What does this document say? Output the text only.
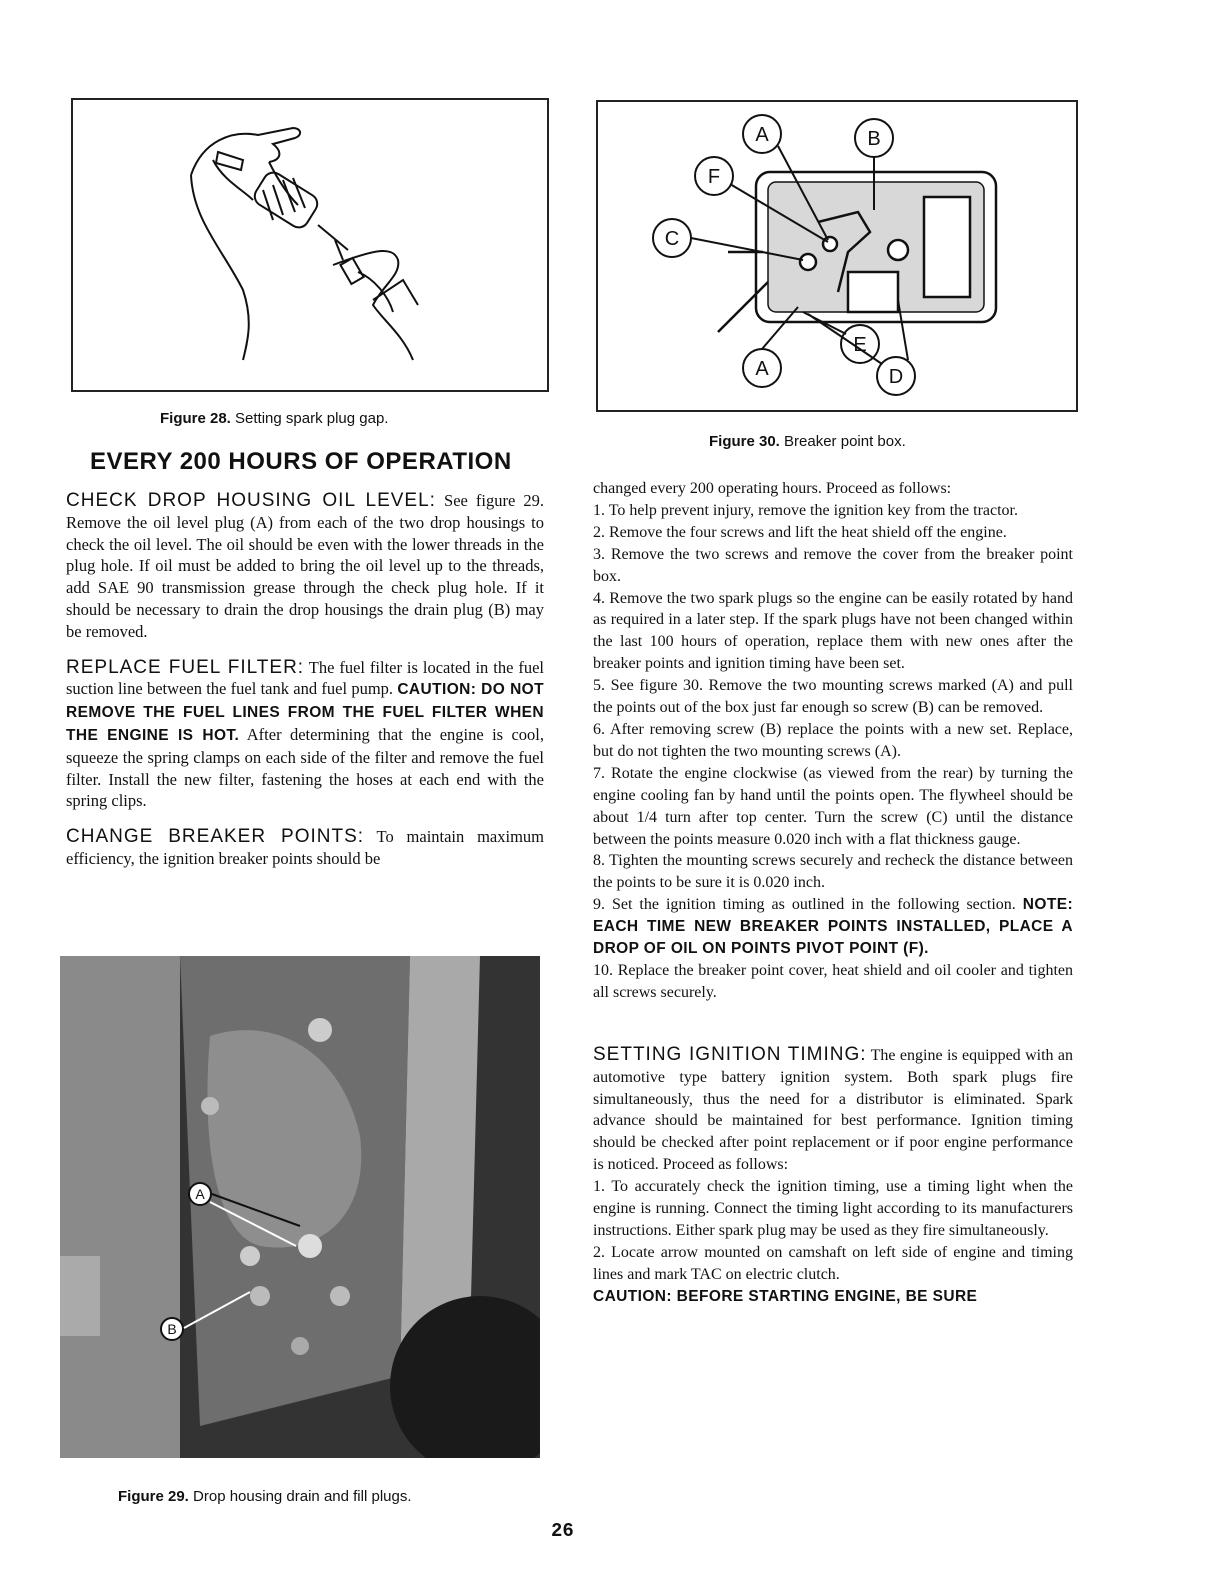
Figure 28. Setting spark plug gap.
A	B
F
C
E
A	D
Figure 30. Breaker point box.
EVERY 200 HOURS OF OPERATION

CHECK DROP HOUSING OIL LEVEL: See figure 29. Remove the oil level plug (A) from each of the two drop housings to check the oil level. The oil should be even with the lower threads in the plug hole. If oil must be added to bring the oil level up to the threads, add SAE 90 transmission grease through the check plug hole. If it should be necessary to drain the drop housings the drain plug (B) may be removed.

REPLACE FUEL FILTER: The fuel filter is located in the fuel suction line between the fuel tank and fuel pump. CAUTION: DO NOT REMOVE THE FUEL LINES FROM THE FUEL FILTER WHEN THE ENGINE IS HOT. After determining that the engine is cool, squeeze the spring clamps on each side of the filter and remove the fuel filter. Install the new filter, fastening the hoses at each end with the spring clips.

CHANGE BREAKER POINTS: To maintain maximum efficiency, the ignition breaker points should be

A
B
Figure 29. Drop housing drain and fill plugs.

changed every 200 operating hours. Proceed as follows:

1. To help prevent injury, remove the ignition key from the tractor.

2. Remove the four screws and lift the heat shield off the engine.

3. Remove the two screws and remove the cover from the breaker point box.

4. Remove the two spark plugs so the engine can be easily rotated by hand as required in a later step. If the spark plugs have not been changed within the last 100 hours of operation, replace them with new ones after the breaker points and ignition timing have been set.

5. See figure 30. Remove the two mounting screws marked (A) and pull the points out of the box just far enough so screw (B) can be removed.

6. After removing screw (B) replace the points with a new set. Replace, but do not tighten the two mounting screws (A).

7. Rotate the engine clockwise (as viewed from the rear) by turning the engine cooling fan by hand until the points open. The flywheel should be about 1/4 turn after top center. Turn the screw (C) until the distance between the points measure 0.020 inch with a flat thickness gauge.

8. Tighten the mounting screws securely and recheck the distance between the points to be sure it is 0.020 inch.

9. Set the ignition timing as outlined in the following section. NOTE: EACH TIME NEW BREAKER POINTS INSTALLED, PLACE A DROP OF OIL ON POINTS PIVOT POINT (F).

10. Replace the breaker point cover, heat shield and oil cooler and tighten all screws securely.

SETTING IGNITION TIMING: The engine is equipped with an automotive type battery ignition system. Both spark plugs fire simultaneously, thus the need for a distributor is eliminated. Spark advance should be maintained for best performance. Ignition timing should be checked after point replacement or if poor engine performance is noticed. Proceed as follows:

1. To accurately check the ignition timing, use a timing light when the engine is running. Connect the timing light according to its manufacturers instructions. Either spark plug may be used as they fire simultaneously.

2. Locate arrow mounted on camshaft on left side of engine and timing lines and mark TAC on electric clutch.

CAUTION: BEFORE STARTING ENGINE, BE SURE

26
